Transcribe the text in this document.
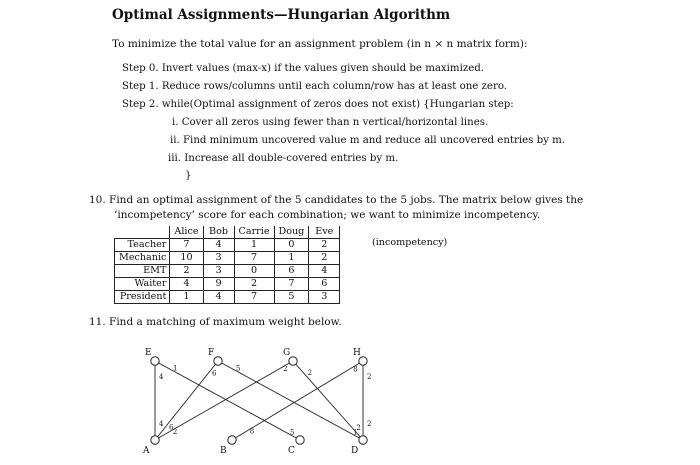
Optimal Assignments—Hungarian Algorithm
To minimize the total value for an assignment problem (in n × n matrix form):
Step 0. Invert values (max-x) if the values given should be maximized.
Step 1. Reduce rows/columns until each column/row has at least one zero.
Step 2. while(Optimal assignment of zeros does not exist) {Hungarian step:
i. Cover all zeros using fewer than n vertical/horizontal lines.
ii. Find minimum uncovered value m and reduce all uncovered entries by m.
iii. Increase all double-covered entries by m.
}
10. Find an optimal assignment of the 5 candidates to the 5 jobs. The matrix below gives the
‘incompetency’ score for each combination; we want to minimize incompetency.
	Alice	Bob	Carrie	Doug	Eve
Teacher	7	4	1	0	2
Mechanic	10	3	7	1	2
EMT	2	3	0	6	4
Waiter	4	9	2	7	6
President	1	4	7	5	3
(incompetency)
11. Find a matching of maximum weight below.
4
4
1
5
6
6
5
1
2
2
2
2
8
8
2
2
E	F	G	H
A	B	C	D
